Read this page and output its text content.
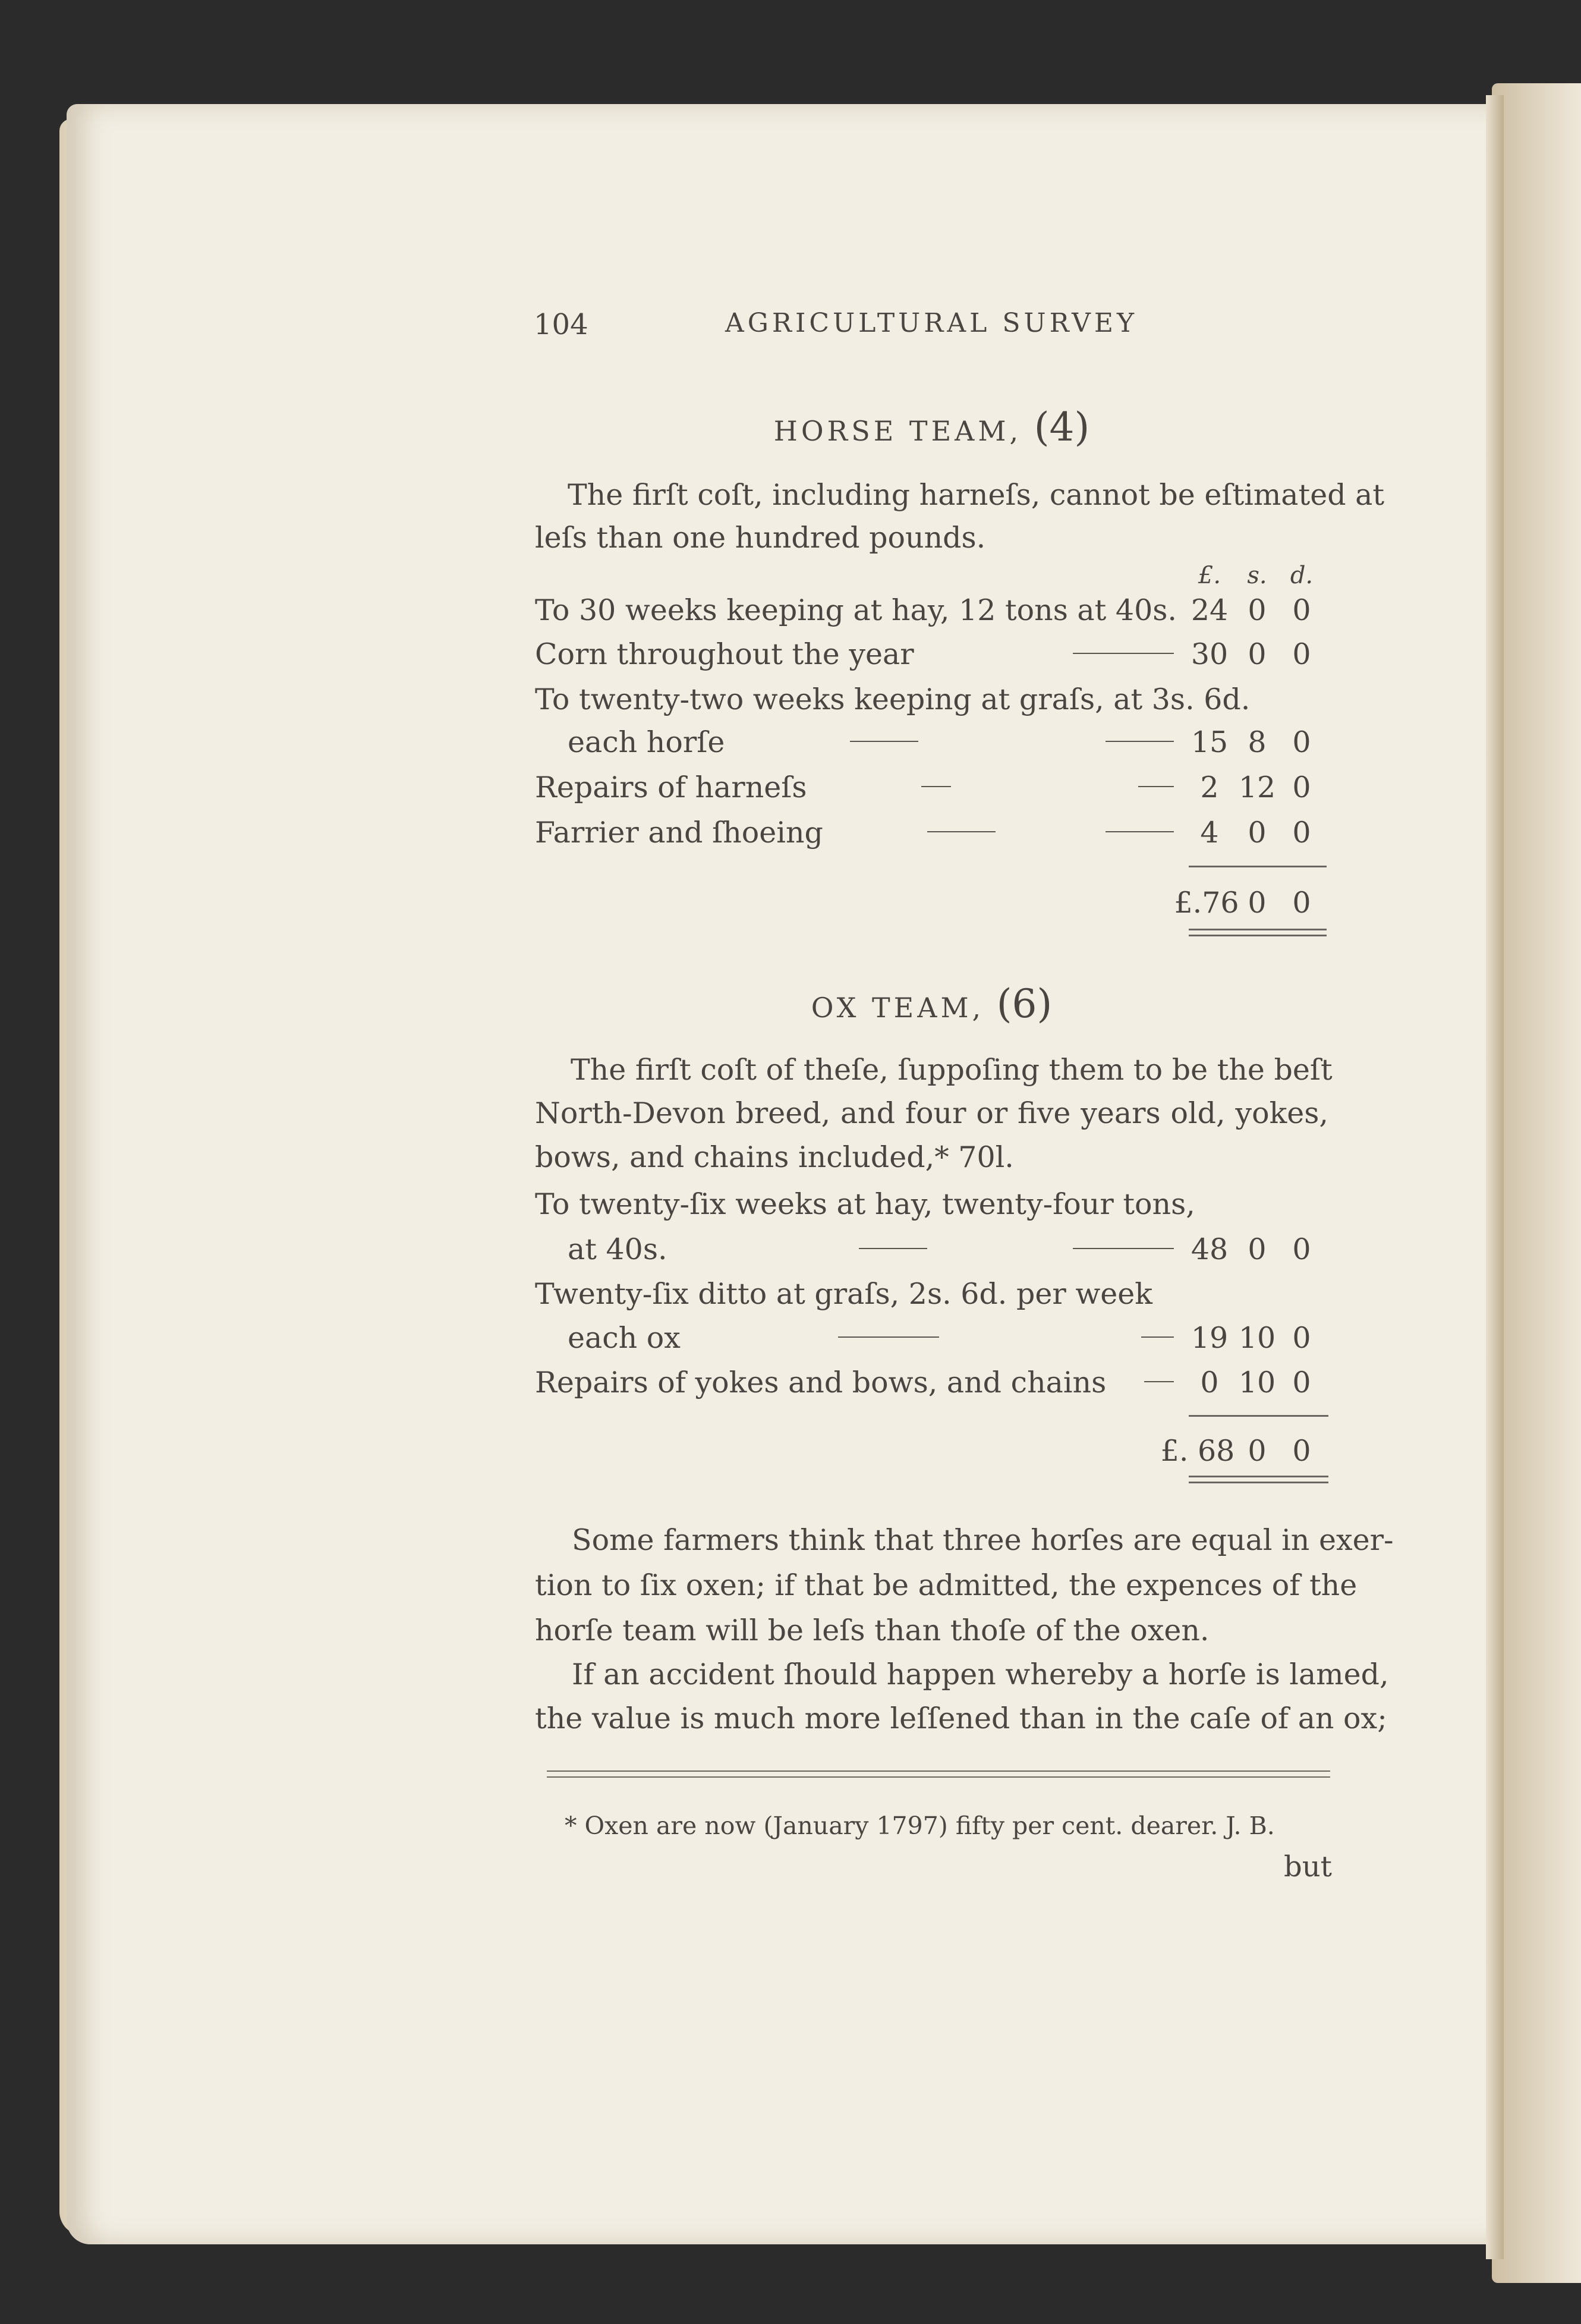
104	AGRICULTURAL SURVEY
HORSE TEAM, (4)
The firſt coſt, including harneſs, cannot be eſtimated at
leſs than one hundred pounds.
£.	s. d.
To 30 weeks keeping at hay, 12 tons at 40s. 24 0 0
Corn throughout the year	30 0 0
To twenty-two weeks keeping at graſs, at 3s. 6d.
each horſe	15 8 0
Repairs of harneſs	2 12 0
Farrier and ſhoeing	4 0 0
£.76 0 0
OX TEAM, (6)
The firſt coſt of theſe, ſuppoſing them to be the beſt
North-Devon breed, and four or five years old, yokes,
bows, and chains included,* 70l.
To twenty-ſix weeks at hay, twenty-four tons,
at 40s.	48 0 0
Twenty-ſix ditto at graſs, 2s. 6d. per week
each ox	19 10 0
Repairs of yokes and bows, and chains	0 10 0
£. 68 0 0
Some farmers think that three horſes are equal in exer-
tion to ſix oxen; if that be admitted, the expences of the
horſe team will be leſs than thoſe of the oxen.
If an accident ſhould happen whereby a horſe is lamed,
the value is much more leſſened than in the caſe of an ox;
* Oxen are now (January 1797) fifty per cent. dearer. J. B.
but
